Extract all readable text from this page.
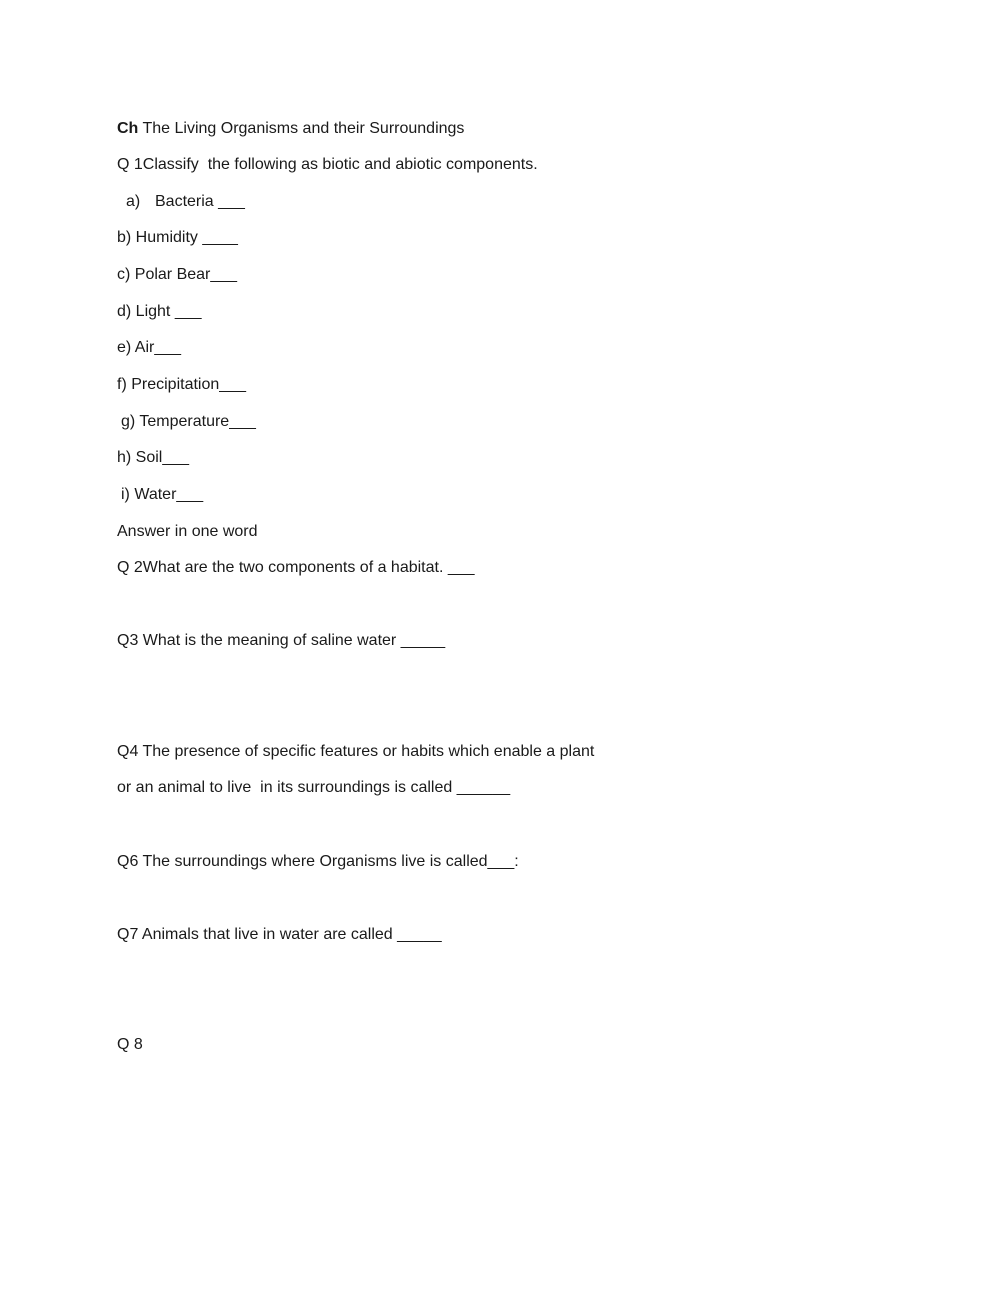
Ch The Living Organisms and their Surroundings
Q 1Classify  the following as biotic and abiotic components.
a) Bacteria ___
b) Humidity ____
c) Polar Bear___
d) Light ___
e) Air___
f) Precipitation___
g) Temperature___
h) Soil___
i) Water___
Answer in one word
Q 2What are the two components of a habitat. ___
Q3 What is the meaning of saline water _____
Q4 The presence of specific features or habits which enable a plant
or an animal to live  in its surroundings is called ______
Q6 The surroundings where Organisms live is called___:
Q7 Animals that live in water are called _____
Q 8
